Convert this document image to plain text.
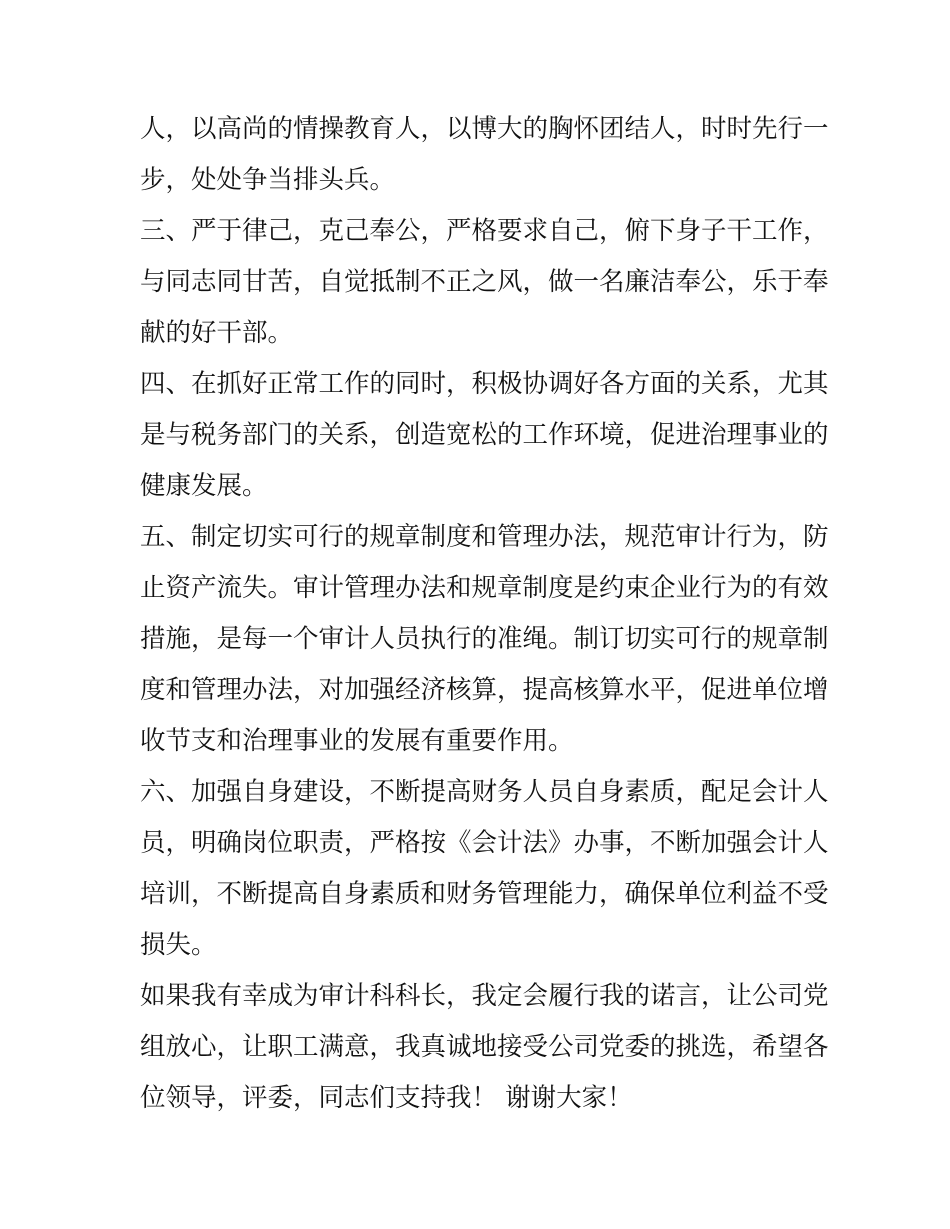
人，以高尚的情操教育人，以博大的胸怀团结人，时时先行一
步，处处争当排头兵。

三、严于律己，克己奉公，严格要求自己，俯下身子干工作，
与同志同甘苦，自觉抵制不正之风，做一名廉洁奉公，乐于奉
献的好干部。

四、在抓好正常工作的同时，积极协调好各方面的关系，尤其
是与税务部门的关系，创造宽松的工作环境，促进治理事业的
健康发展。

五、制定切实可行的规章制度和管理办法，规范审计行为，防
止资产流失。审计管理办法和规章制度是约束企业行为的有效
措施，是每一个审计人员执行的准绳。制订切实可行的规章制
度和管理办法，对加强经济核算，提高核算水平，促进单位增
收节支和治理事业的发展有重要作用。

六、加强自身建设，不断提高财务人员自身素质，配足会计人
员，明确岗位职责，严格按《会计法》办事，不断加强会计人
培训，不断提高自身素质和财务管理能力，确保单位利益不受
损失。

如果我有幸成为审计科科长，我定会履行我的诺言，让公司党
组放心，让职工满意，我真诚地接受公司党委的挑选，希望各
位领导，评委，同志们支持我！ 谢谢大家！
